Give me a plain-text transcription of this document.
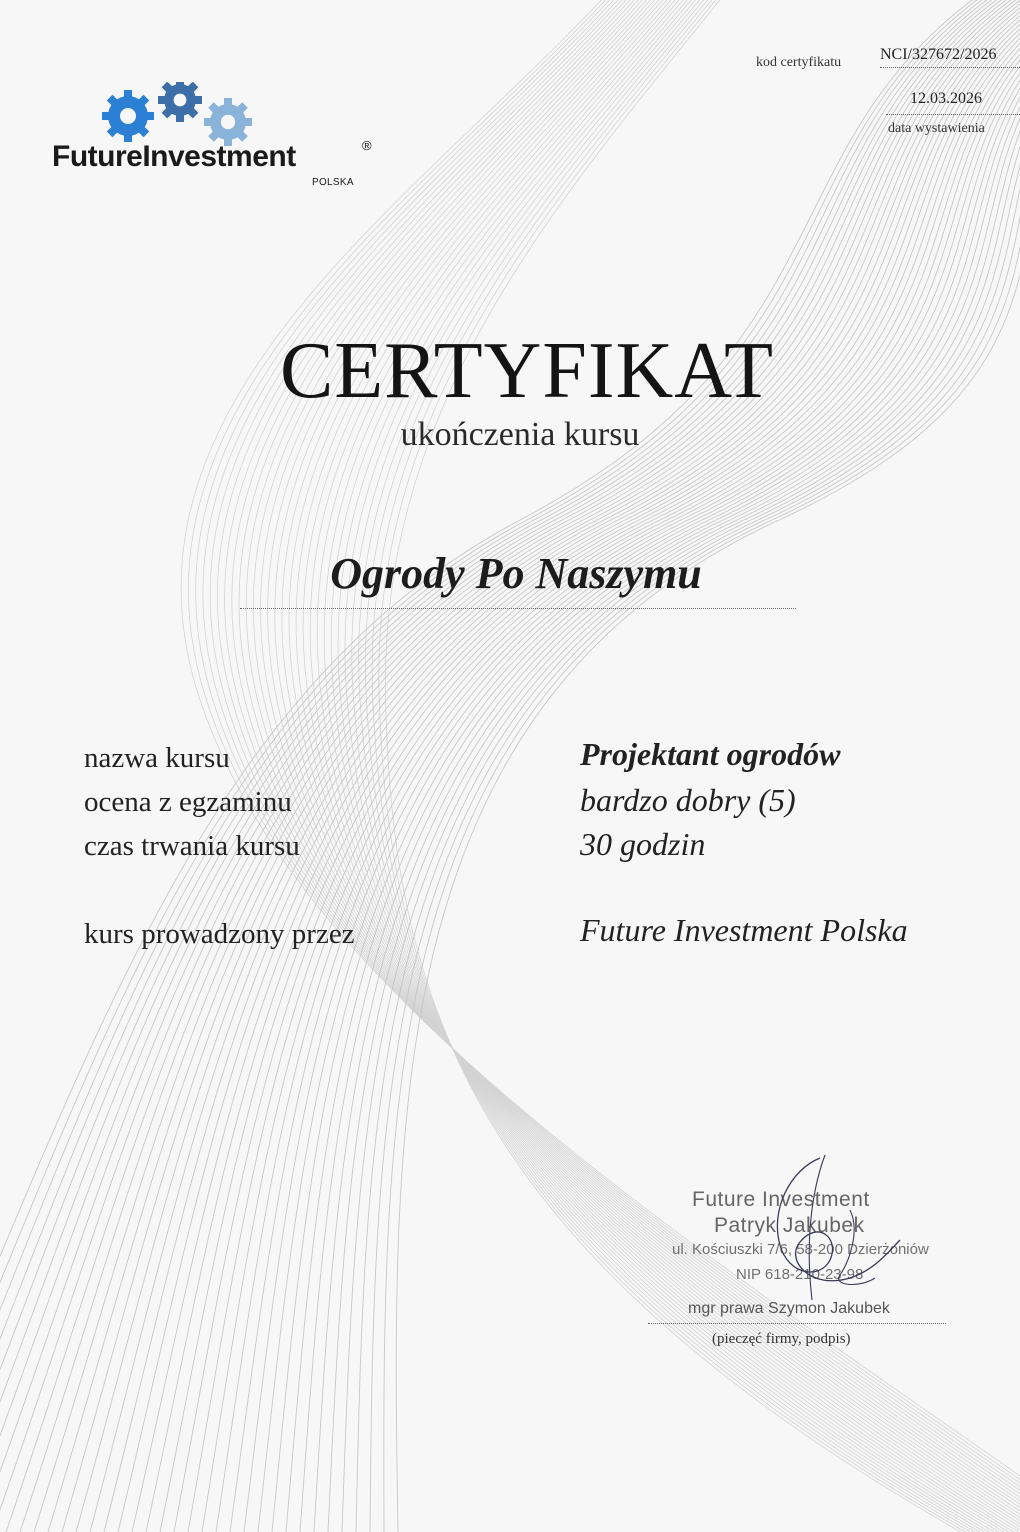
FutureInvestment	®
POLSKA
kod certyfikatu NCI/327672/2026
12.03.2026
data wystawienia
CERTYFIKAT
ukończenia kursu
Ogrody Po Naszymu
nazwa kursu	Projektant ogrodów
ocena z egzaminu	bardzo dobry (5)
czas trwania kursu	30 godzin
kurs prowadzony przez	Future Investment Polska
Future Investment
Patryk Jakubek
ul. Kościuszki 7/6, 58-200 Dzierżoniów
NIP 618-210-23-98
mgr prawa Szymon Jakubek
(pieczęć firmy, podpis)
